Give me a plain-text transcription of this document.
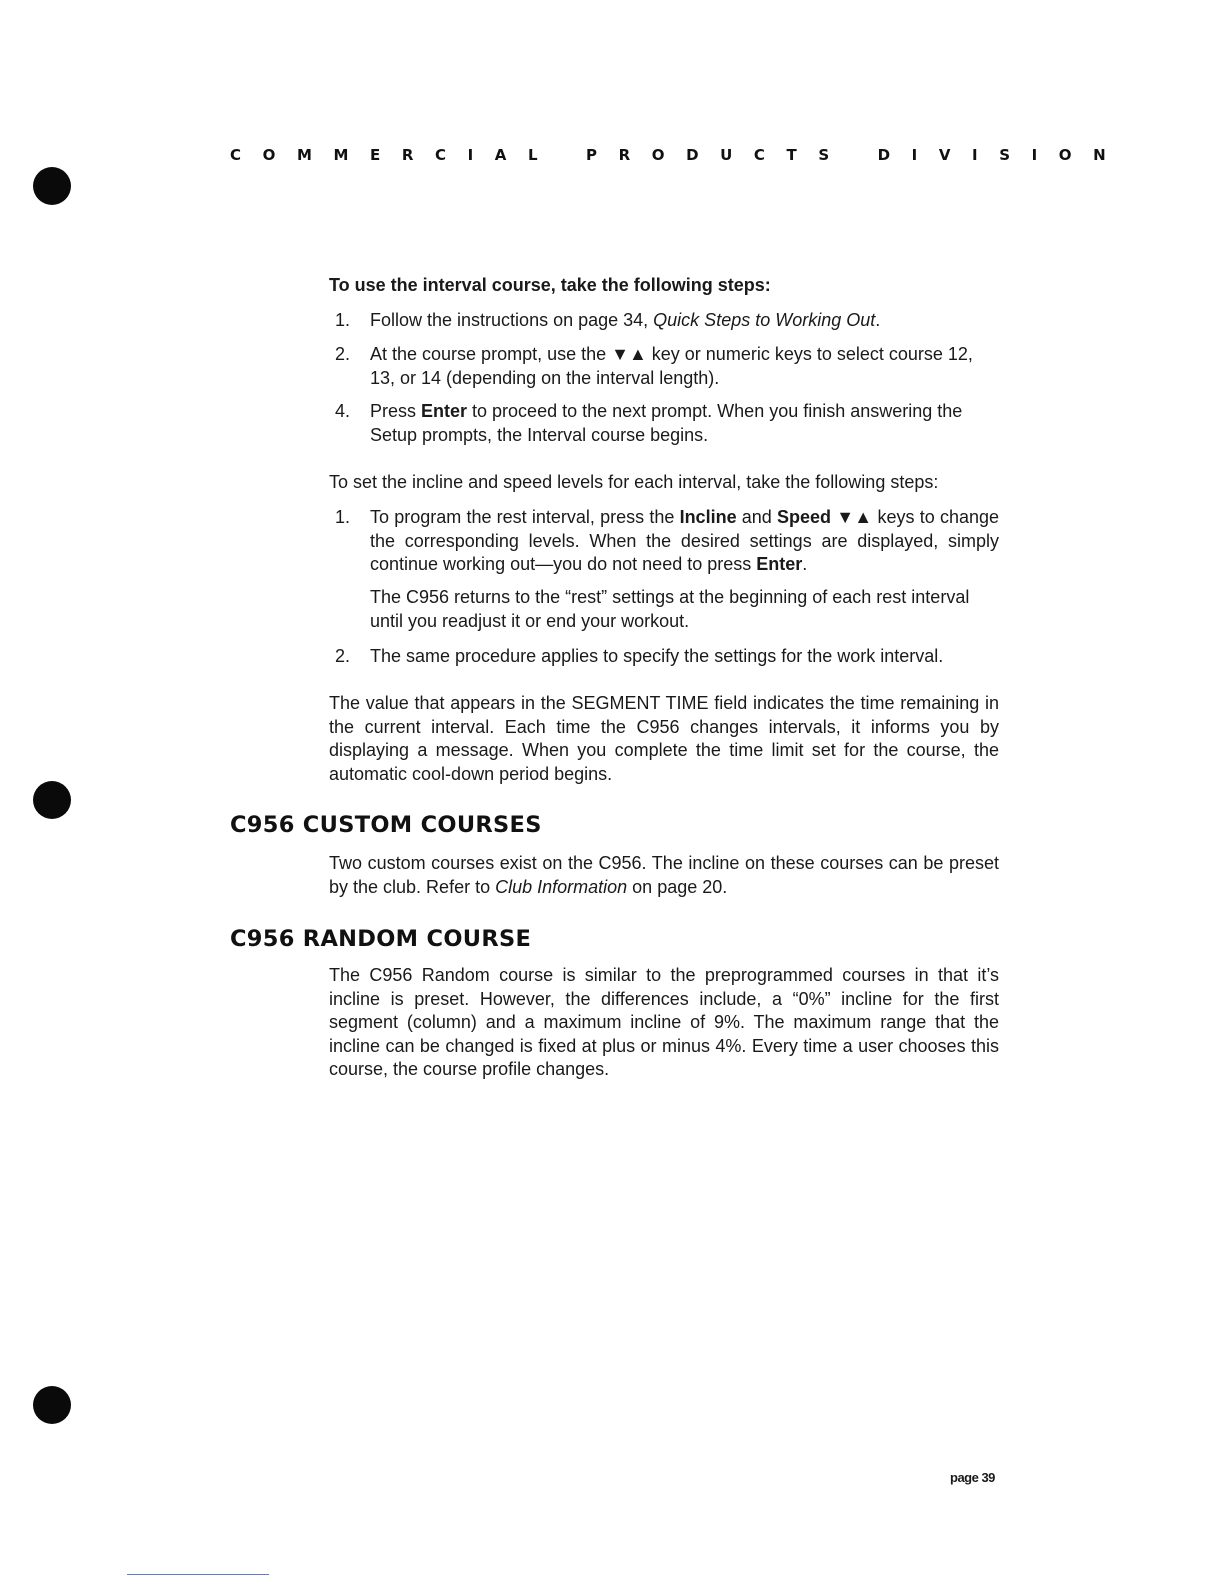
COMMERCIAL PRODUCTS DIVISION
To use the interval course, take the following steps:
1. Follow the instructions on page 34, Quick Steps to Working Out.
2. At the course prompt, use the ▼▲ key or numeric keys to select course 12, 13, or 14 (depending on the interval length).
4. Press Enter to proceed to the next prompt. When you finish answering the Setup prompts, the Interval course begins.
To set the incline and speed levels for each interval, take the following steps:
1. To program the rest interval, press the Incline and Speed ▼▲ keys to change the corresponding levels. When the desired settings are displayed, simply continue working out—you do not need to press Enter.
The C956 returns to the “rest” settings at the beginning of each rest interval until you readjust it or end your workout.
2. The same procedure applies to specify the settings for the work interval.
The value that appears in the SEGMENT TIME field indicates the time remaining in the current interval. Each time the C956 changes intervals, it informs you by displaying a message. When you complete the time limit set for the course, the automatic cool-down period begins.
C956 CUSTOM COURSES
Two custom courses exist on the C956. The incline on these courses can be preset by the club. Refer to Club Information on page 20.
C956 RANDOM COURSE
The C956 Random course is similar to the preprogrammed courses in that it’s incline is preset. However, the differences include, a “0%” incline for the first segment (column) and a maximum incline of 9%. The maximum range that the incline can be changed is fixed at plus or minus 4%. Every time a user chooses this course, the course profile changes.
page 39
